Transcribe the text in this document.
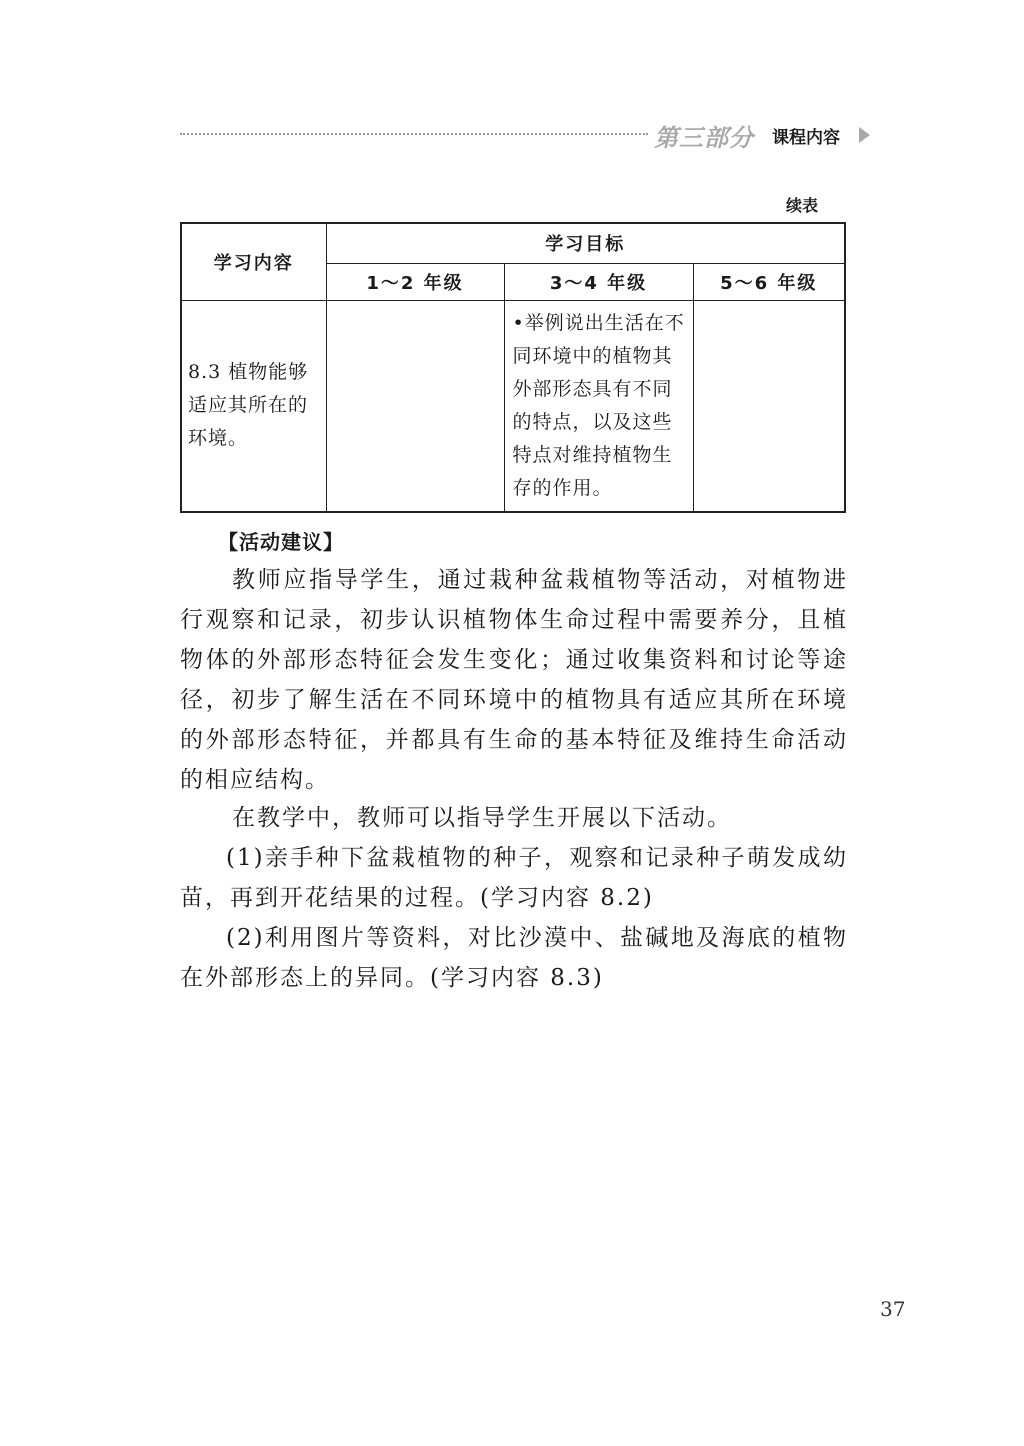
第三部分 课程内容
续表
学习内容	学习目标		
	1～2 年级	3～4 年级	5～6 年级
8.3 植物能够适应其所在的环境。		•举例说出生活在不同环境中的植物其外部形态具有不同的特点，以及这些特点对维持植物生存的作用。	
【活动建议】

教师应指导学生，通过栽种盆栽植物等活动，对植物进行观察和记录，初步认识植物体生命过程中需要养分，且植物体的外部形态特征会发生变化；通过收集资料和讨论等途径，初步了解生活在不同环境中的植物具有适应其所在环境的外部形态特征，并都具有生命的基本特征及维持生命活动的相应结构。

在教学中，教师可以指导学生开展以下活动。

(1)亲手种下盆栽植物的种子，观察和记录种子萌发成幼苗，再到开花结果的过程。(学习内容 8.2)

(2)利用图片等资料，对比沙漠中、盐碱地及海底的植物在外部形态上的异同。(学习内容 8.3)

37
